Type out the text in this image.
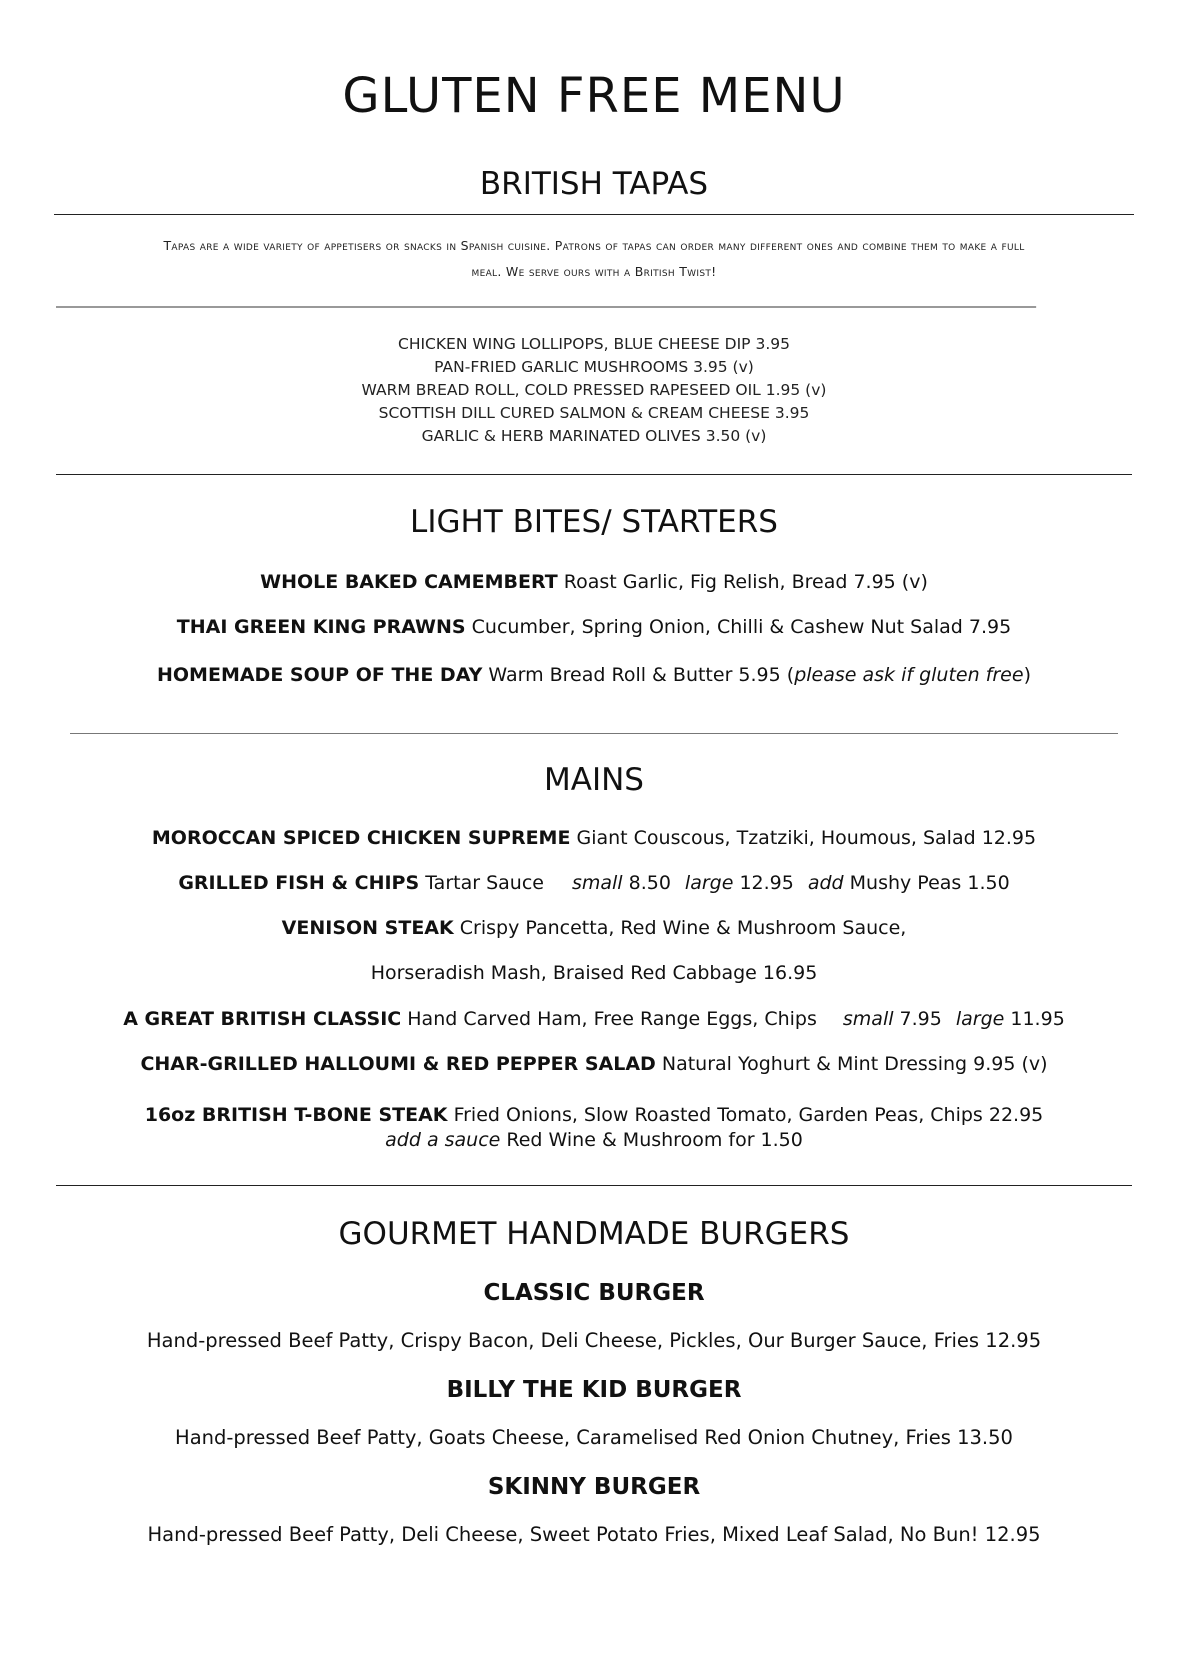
GLUTEN FREE MENU
BRITISH TAPAS
Tapas are a wide variety of appetisers or snacks in Spanish cuisine. Patrons of tapas can order many different ones and combine them to make a full
meal. We serve ours with a British Twist!
____________________________________________________________________________________________________________________________________________
CHICKEN WING LOLLIPOPS, BLUE CHEESE DIP 3.95
PAN-FRIED GARLIC MUSHROOMS 3.95 (v)
WARM BREAD ROLL, COLD PRESSED RAPESEED OIL 1.95 (v)
SCOTTISH DILL CURED SALMON & CREAM CHEESE 3.95
GARLIC & HERB MARINATED OLIVES 3.50 (v)
LIGHT BITES/ STARTERS
WHOLE BAKED CAMEMBERT Roast Garlic, Fig Relish, Bread 7.95 (v)
THAI GREEN KING PRAWNS Cucumber, Spring Onion, Chilli & Cashew Nut Salad 7.95
HOMEMADE SOUP OF THE DAY Warm Bread Roll & Butter 5.95 (please ask if gluten free)
MAINS
MOROCCAN SPICED CHICKEN SUPREME Giant Couscous, Tzatziki, Houmous, Salad 12.95
GRILLED FISH & CHIPS Tartar Sauce small 8.50 large 12.95 add Mushy Peas 1.50
VENISON STEAK Crispy Pancetta, Red Wine & Mushroom Sauce,
Horseradish Mash, Braised Red Cabbage 16.95
A GREAT BRITISH CLASSIC Hand Carved Ham, Free Range Eggs, Chips small 7.95 large 11.95
CHAR-GRILLED HALLOUMI & RED PEPPER SALAD Natural Yoghurt & Mint Dressing 9.95 (v)
16oz BRITISH T-BONE STEAK Fried Onions, Slow Roasted Tomato, Garden Peas, Chips 22.95
add a sauce Red Wine & Mushroom for 1.50
GOURMET HANDMADE BURGERS
CLASSIC BURGER
Hand-pressed Beef Patty, Crispy Bacon, Deli Cheese, Pickles, Our Burger Sauce, Fries 12.95
BILLY THE KID BURGER
Hand-pressed Beef Patty, Goats Cheese, Caramelised Red Onion Chutney, Fries 13.50
SKINNY BURGER
Hand-pressed Beef Patty, Deli Cheese, Sweet Potato Fries, Mixed Leaf Salad, No Bun! 12.95
